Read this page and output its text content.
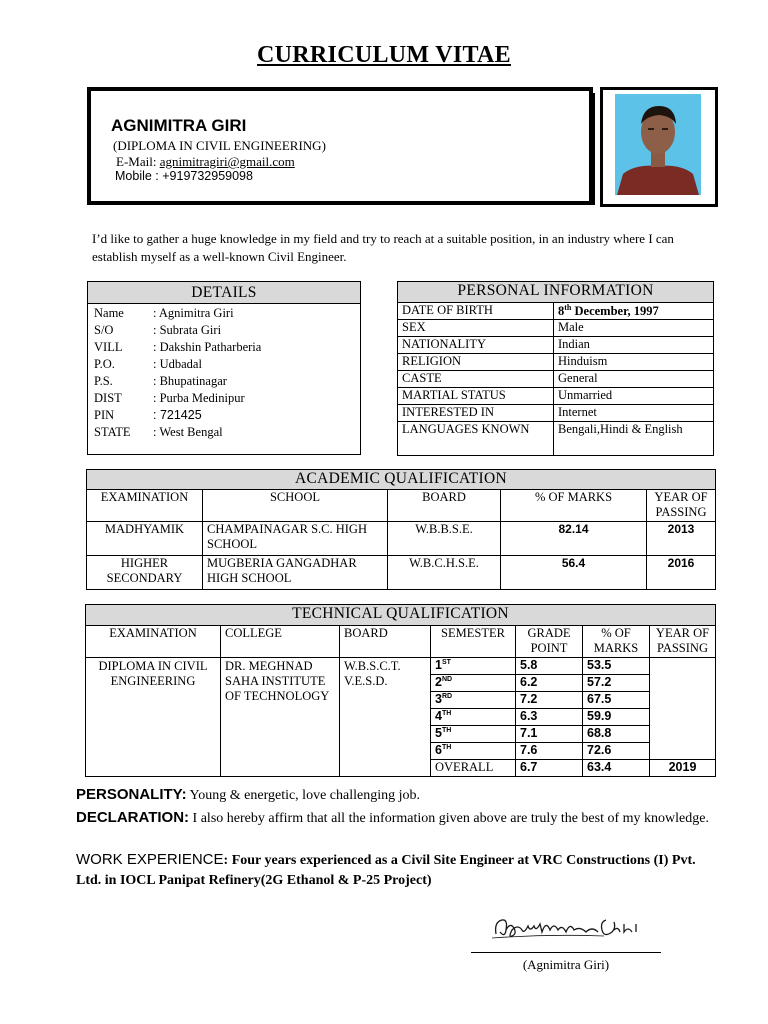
CURRICULUM VITAE
AGNIMITRA GIRI
(DIPLOMA IN CIVIL ENGINEERING)
E-Mail: agnimitragiri@gmail.com
Mobile : +919732959098
I’d like to gather a huge knowledge in my field and try to reach at a suitable position, in an industry where I can establish myself as a well-known Civil Engineer.
DETAILS
Name : Agnimitra Giri
S/O	: Subrata Giri
VILL : Dakshin Patharberia
P.O.	: Udbadal
P.S.	: Bhupatinagar
DIST : Purba Medinipur
PIN	: 721425
STATE : West Bengal
PERSONAL INFORMATION	
DATE OF BIRTH	8th December, 1997
SEX	Male
NATIONALITY	Indian
RELIGION	Hinduism
CASTE	General
MARTIAL STATUS	Unmarried
INTERESTED IN	Internet
LANGUAGES KNOWN	Bengali,Hindi & English
ACADEMIC QUALIFICATION				
EXAMINATION	SCHOOL	BOARD	% OF MARKS	YEAR OF PASSING
MADHYAMIK	CHAMPAINAGAR S.C. HIGH SCHOOL	W.B.B.S.E.	82.14	2013
HIGHER SECONDARY	MUGBERIA GANGADHAR HIGH SCHOOL	W.B.C.H.S.E.	56.4	2016
TECHNICAL QUALIFICATION						
EXAMINATION	COLLEGE	BOARD	SEMESTER	GRADE POINT	% OF MARKS	YEAR OF PASSING
DIPLOMA IN CIVIL ENGINEERING	DR. MEGHNAD SAHA INSTITUTE OF TECHNOLOGY	W.B.S.C.T. V.E.S.D.	1ST	5.8	53.5	
			2ND	6.2	57.2	
			3RD	7.2	67.5	
			4TH	6.3	59.9	
			5TH	7.1	68.8	
			6TH	7.6	72.6	
			OVERALL	6.7	63.4	2019
PERSONALITY: Young & energetic, love challenging job.
DECLARATION: I also hereby affirm that all the information given above are truly the best of my knowledge.
WORK EXPERIENCE: Four years experienced as a Civil Site Engineer at VRC Constructions (I) Pvt. Ltd. in IOCL Panipat Refinery(2G Ethanol & P-25 Project)
(Agnimitra Giri)
